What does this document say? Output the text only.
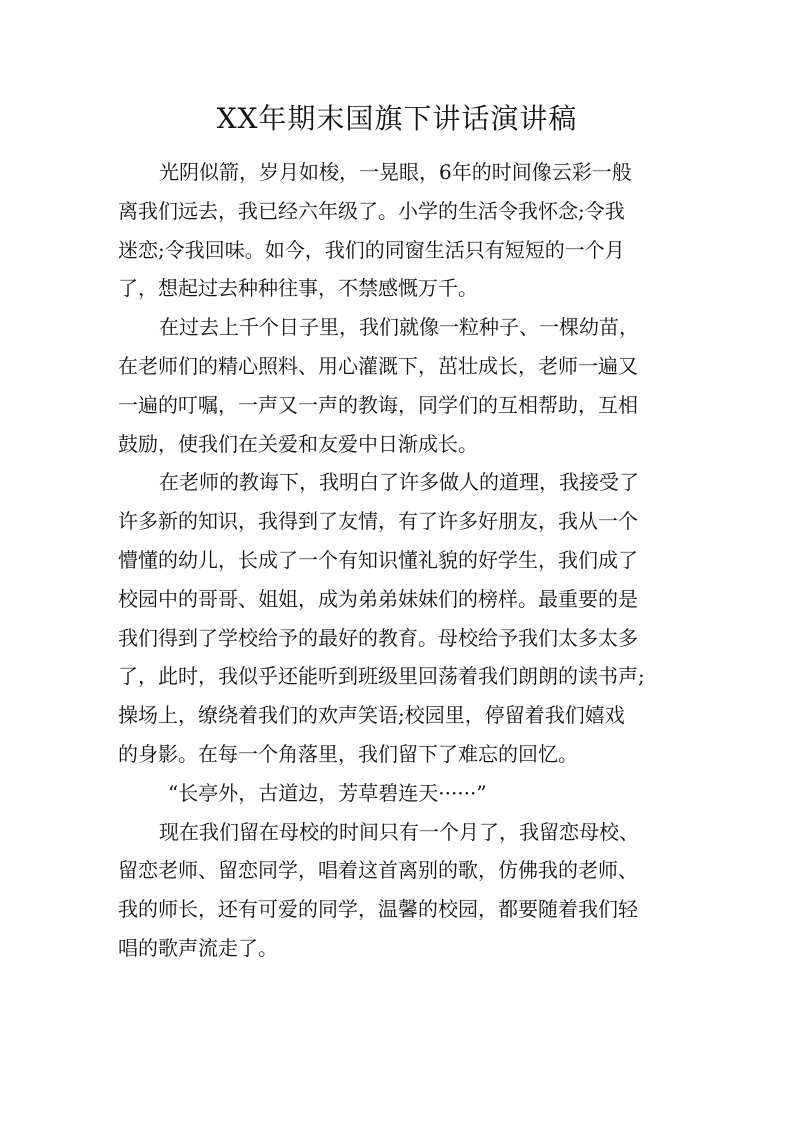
XX年期末国旗下讲话演讲稿
光阴似箭，岁月如梭，一晃眼，6年的时间像云彩一般
离我们远去，我已经六年级了。小学的生活令我怀念;令我
迷恋;令我回味。如今，我们的同窗生活只有短短的一个月
了，想起过去种种往事，不禁感慨万千。
在过去上千个日子里，我们就像一粒种子、一棵幼苗，
在老师们的精心照料、用心灌溉下，茁壮成长，老师一遍又
一遍的叮嘱，一声又一声的教诲，同学们的互相帮助，互相
鼓励，使我们在关爱和友爱中日渐成长。
在老师的教诲下，我明白了许多做人的道理，我接受了
许多新的知识，我得到了友情，有了许多好朋友，我从一个
懵懂的幼儿，长成了一个有知识懂礼貌的好学生，我们成了
校园中的哥哥、姐姐，成为弟弟妹妹们的榜样。最重要的是
我们得到了学校给予的最好的教育。母校给予我们太多太多
了，此时，我似乎还能听到班级里回荡着我们朗朗的读书声;
操场上，缭绕着我们的欢声笑语;校园里，停留着我们嬉戏
的身影。在每一个角落里，我们留下了难忘的回忆。
“长亭外，古道边，芳草碧连天······”
现在我们留在母校的时间只有一个月了，我留恋母校、
留恋老师、留恋同学，唱着这首离别的歌，仿佛我的老师、
我的师长，还有可爱的同学，温馨的校园，都要随着我们轻
唱的歌声流走了。
